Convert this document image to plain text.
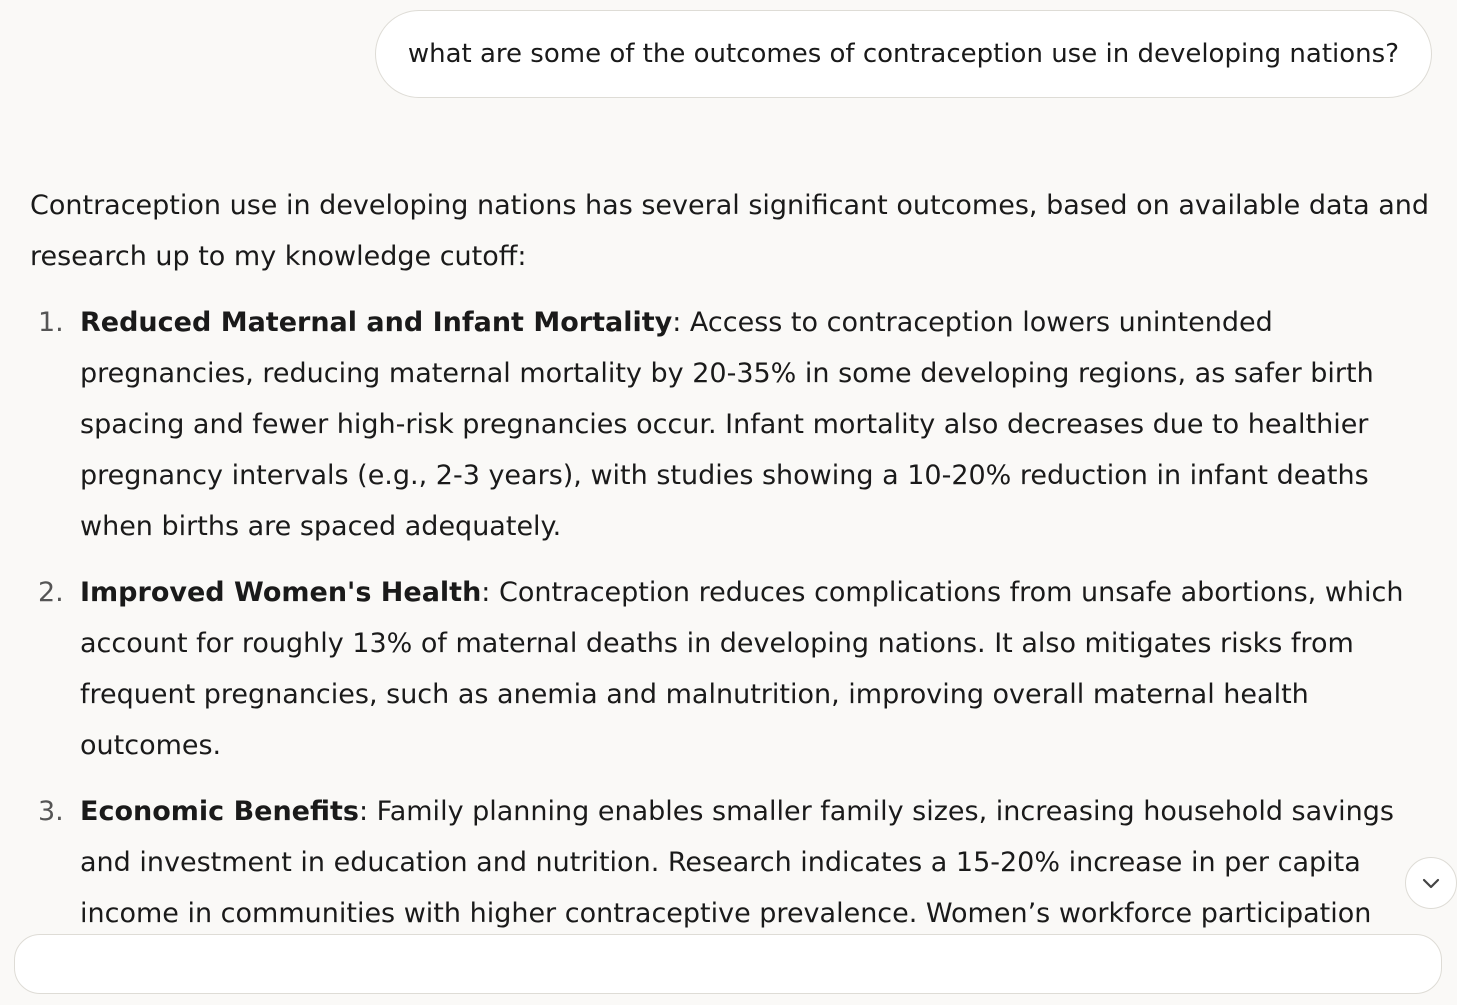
what are some of the outcomes of contraception use in developing nations?

Contraception use in developing nations has several significant outcomes, based on available data and research up to my knowledge cutoff:

1. Reduced Maternal and Infant Mortality: Access to contraception lowers unintended pregnancies, reducing maternal mortality by 20-35% in some developing regions, as safer birth spacing and fewer high-risk pregnancies occur. Infant mortality also decreases due to healthier pregnancy intervals (e.g., 2-3 years), with studies showing a 10-20% reduction in infant deaths when births are spaced adequately.
2. Improved Women's Health: Contraception reduces complications from unsafe abortions, which account for roughly 13% of maternal deaths in developing nations. It also mitigates risks from frequent pregnancies, such as anemia and malnutrition, improving overall maternal health outcomes.
3. Economic Benefits: Family planning enables smaller family sizes, increasing household savings and investment in education and nutrition. Research indicates a 15-20% increase in per capita income in communities with higher contraceptive prevalence. Women’s workforce participation
